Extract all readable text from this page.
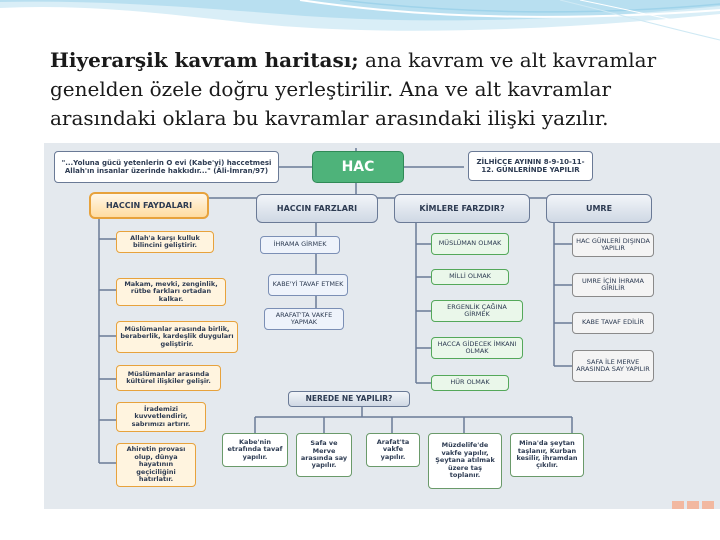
Hiyerarşik kavram haritası; ana kavram ve alt kavramlar genelden özele doğru yerleştirilir. Ana ve alt kavramlar arasındaki oklara bu kavramlar arasındaki ilişki yazılır.
"...Yoluna gücü yetenlerin O evi (Kabe'yi) haccetmesi Allah'ın insanlar üzerinde hakkıdır..." (Âli-İmran/97)	HAC	ZİLHİCCE AYININ 8-9-10-11-12. GÜNLERİNDE YAPILIR
HACCIN FAYDALARI	HACCIN FARZLARI	KİMLERE FARZDIR?	UMRE
Allah'a karşı kulluk bilincini geliştirir.
Makam, mevki, zenginlik, rütbe farkları ortadan kalkar.
Müslümanlar arasında birlik, beraberlik, kardeşlik duyguları geliştirir.
Müslümanlar arasında kültürel ilişkiler gelişir.
İrademizi kuvvetlendirir, sabrımızı artırır.
Ahiretin provası olup, dünya hayatının geçiciliğini hatırlatır.
İHRAMA GİRMEK
KABE'Yİ TAVAF ETMEK
ARAFAT'TA VAKFE YAPMAK
MÜSLÜMAN OLMAK
MİLLİ OLMAK
ERGENLİK ÇAĞINA GİRMEK
HACCA GİDECEK İMKANI OLMAK
HÜR OLMAK
HAC GÜNLERİ DIŞINDA YAPILIR
UMRE İÇİN İHRAMA GİRİLİR
KABE TAVAF EDİLİR
SAFA İLE MERVE ARASINDA SAY YAPILIR
NEREDE NE YAPILIR?
Kabe'nin etrafında tavaf yapılır.
Safa ve Merve arasında say yapılır.
Arafat'ta vakfe yapılır.
Müzdelife'de vakfe yapılır, Şeytana atılmak üzere taş toplanır.
Mina'da şeytan taşlanır, Kurban kesilir, ihramdan çıkılır.
